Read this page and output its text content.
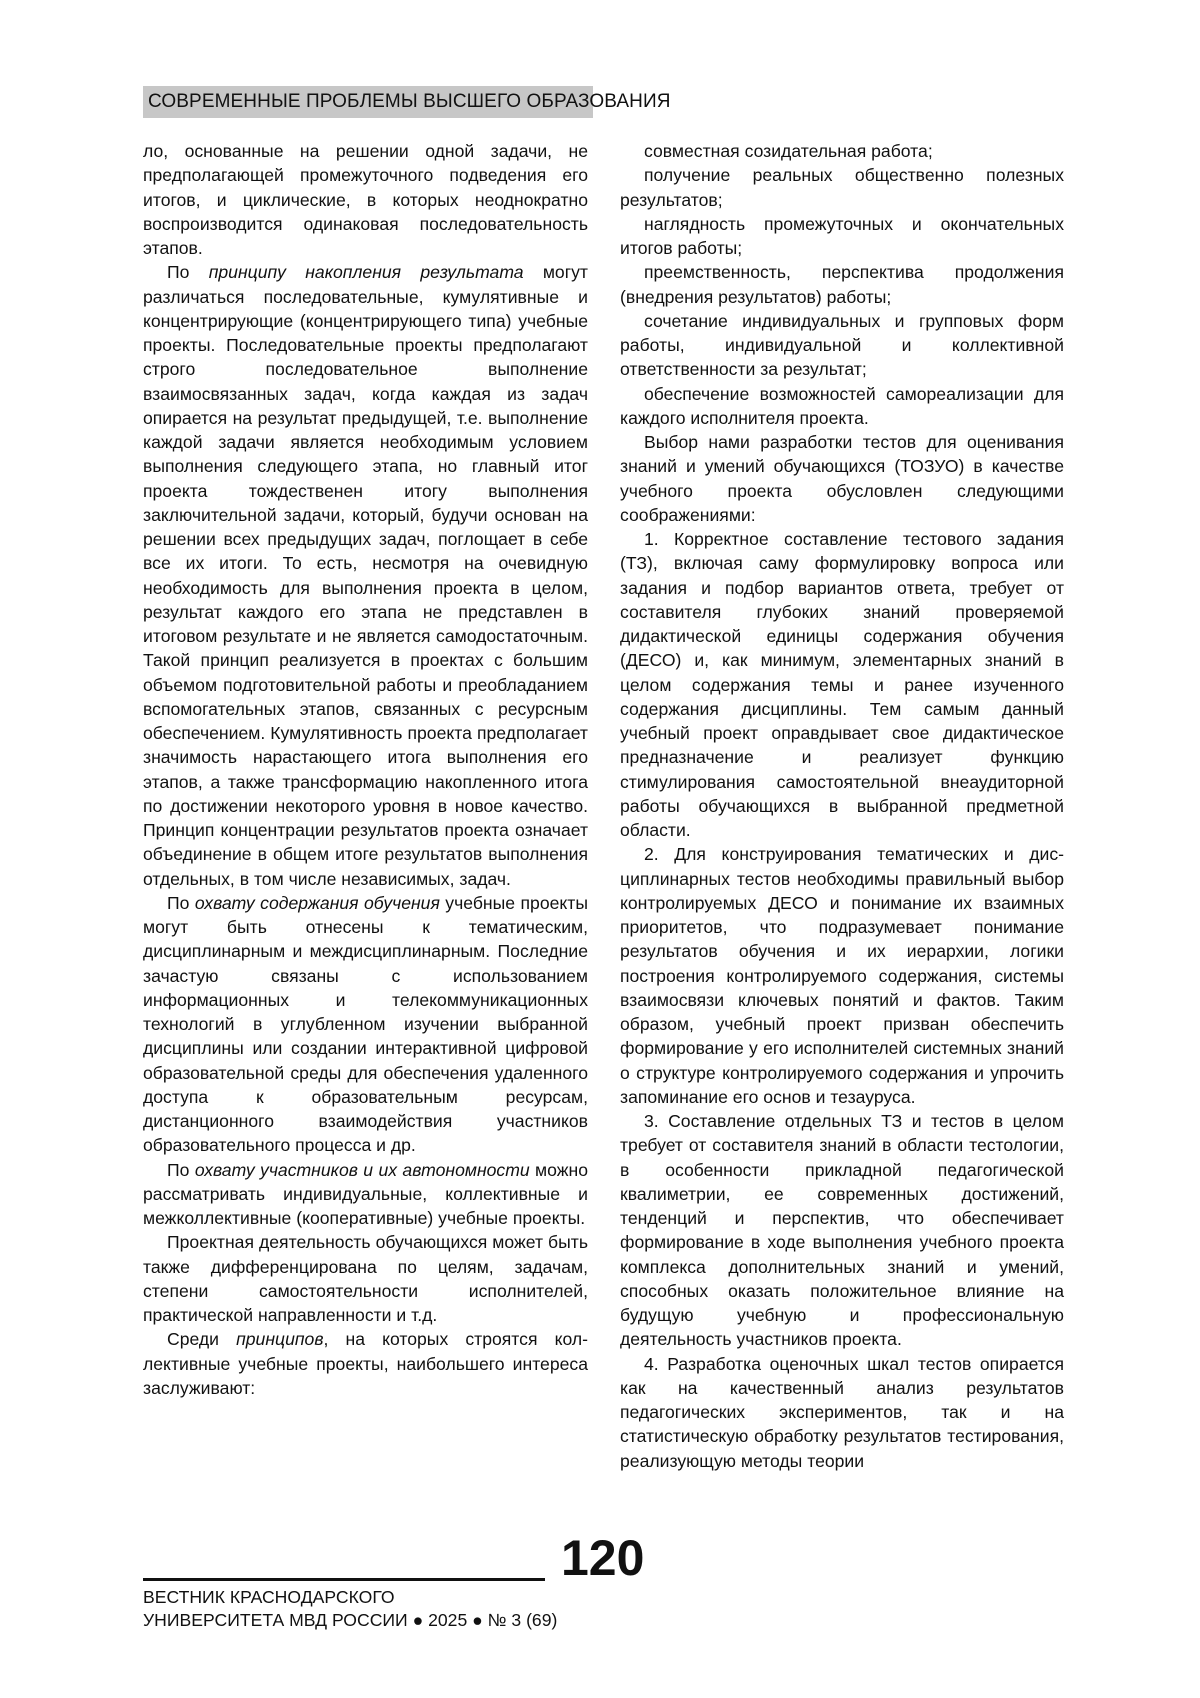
СОВРЕМЕННЫЕ ПРОБЛЕМЫ ВЫСШЕГО ОБРАЗОВАНИЯ

ло, основанные на решении одной задачи, не предполагающей промежуточного подведения его итогов, и циклические, в которых неоднократно воспроизводится одинаковая последовательность этапов.

По принципу накопления результата могут различаться последовательные, кумулятивные и концентрирующие (концентрирующего типа) учебные проекты. Последовательные проекты предполагают строго последовательное выполнение взаимосвязанных задач, когда каждая из задач опирается на результат предыдущей, т.е. выполнение каждой задачи является необходимым условием выполнения следующего этапа, но главный итог проекта тождественен итогу выполнения заключительной задачи, который, будучи основан на решении всех предыдущих задач, поглощает в себе все их итоги. То есть, несмотря на очевидную необходимость для выполнения проекта в целом, результат каждого его этапа не представлен в итоговом результате и не является самодостаточным. Такой принцип реализуется в проектах с большим объемом подготовительной работы и преобладанием вспомогательных этапов, связанных с ресурсным обеспечением. Кумулятивность проекта предполагает значимость нарастающего итога выполнения его этапов, а также трансформацию накопленного итога по достижении некоторого уровня в новое качество. Принцип концентрации результатов проекта означает объединение в общем итоге результатов выполнения отдельных, в том числе независимых, задач.

По охвату содержания обучения учебные проекты могут быть отнесены к тематическим, дисциплинарным и междисциплинарным. Последние зачастую связаны с использованием информационных и телекоммуникационных технологий в углубленном изучении выбранной дисциплины или создании интерактивной цифровой образовательной среды для обеспечения удаленного доступа к образовательным ресурсам, дистанционного взаимодействия участников образовательного процесса и др.

По охвату участников и их автономности можно рассматривать индивидуальные, коллективные и межколлективные (кооперативные) учебные проекты.

Проектная деятельность обучающихся может быть также дифференцирована по целям, задачам, степени самостоятельности исполнителей, практической направленности и т.д.

Среди принципов, на которых строятся коллективные учебные проекты, наибольшего интереса заслуживают:

совместная созидательная работа;

получение реальных общественно полезных результатов;

наглядность промежуточных и окончательных итогов работы;

преемственность, перспектива продолжения (внедрения результатов) работы;

сочетание индивидуальных и групповых форм работы, индивидуальной и коллективной ответственности за результат;

обеспечение возможностей самореализации для каждого исполнителя проекта.

Выбор нами разработки тестов для оценивания знаний и умений обучающихся (ТОЗУО) в качестве учебного проекта обусловлен следующими соображениями:

1. Корректное составление тестового задания (ТЗ), включая саму формулировку вопроса или задания и подбор вариантов ответа, требует от составителя глубоких знаний проверяемой дидактической единицы содержания обучения (ДЕСО) и, как минимум, элементарных знаний в целом содержания темы и ранее изученного содержания дисциплины. Тем самым данный учебный проект оправдывает свое дидактическое предназначение и реализует функцию стимулирования самостоятельной внеаудиторной работы обучающихся в выбранной предметной области.

2. Для конструирования тематических и дисциплинарных тестов необходимы правильный выбор контролируемых ДЕСО и понимание их взаимных приоритетов, что подразумевает понимание результатов обучения и их иерархии, логики построения контролируемого содержания, системы взаимосвязи ключевых понятий и фактов. Таким образом, учебный проект призван обеспечить формирование у его исполнителей системных знаний о структуре контролируемого содержания и упрочить запоминание его основ и тезауруса.

3. Составление отдельных ТЗ и тестов в целом требует от составителя знаний в области тестологии, в особенности прикладной педагогической квалиметрии, ее современных достижений, тенденций и перспектив, что обеспечивает формирование в ходе выполнения учебного проекта комплекса дополнительных знаний и умений, способных оказать положительное влияние на будущую учебную и профессиональную деятельность участников проекта.

4. Разработка оценочных шкал тестов опирается как на качественный анализ результатов педагогических экспериментов, так и на статистическую обработку результатов тестирования, реализующую методы теории

120
ВЕСТНИК КРАСНОДАРСКОГО
УНИВЕРСИТЕТА МВД РОССИИ ● 2025 ● № 3 (69)
